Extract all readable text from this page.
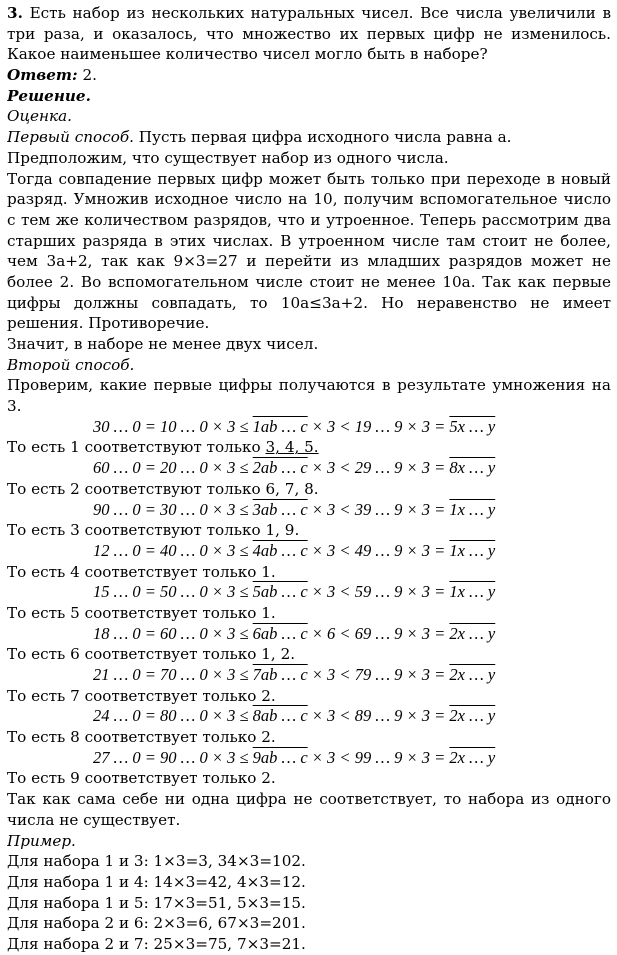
3. Есть набор из нескольких натуральных чисел. Все числа увеличили в
три раза, и оказалось, что множество их первых цифр не изменилось.
Какое наименьшее количество чисел могло быть в наборе?
Ответ: 2.
Решение.
Оценка.
Первый способ. Пусть первая цифра исходного числа равна a.
Предположим, что существует набор из одного числа.
Тогда совпадение первых цифр может быть только при переходе в новый
разряд. Умножив исходное число на 10, получим вспомогательное число
с тем же количеством разрядов, что и утроенное. Теперь рассмотрим два
старших разряда в этих числах. В утроенном числе там стоит не более,
чем 3a+2, так как 9×3=27 и перейти из младших разрядов может не
более 2. Во вспомогательном числе стоит не менее 10a. Так как первые
цифры должны совпадать, то 10a≤3a+2. Но неравенство не имеет
решения. Противоречие.
Значит, в наборе не менее двух чисел.
Второй способ.
Проверим, какие первые цифры получаются в результате умножения на
3.
30 … 0 = 10 … 0 × 3 ≤ 1ab … c × 3 < 19 … 9 × 3 = 5x … y
То есть 1 соответствуют только 3, 4, 5.
60 … 0 = 20 … 0 × 3 ≤ 2ab … c × 3 < 29 … 9 × 3 = 8x … y
То есть 2 соответствуют только 6, 7, 8.
90 … 0 = 30 … 0 × 3 ≤ 3ab … c × 3 < 39 … 9 × 3 = 1x … y
То есть 3 соответствуют только 1, 9.
12 … 0 = 40 … 0 × 3 ≤ 4ab … c × 3 < 49 … 9 × 3 = 1x … y
То есть 4 соответствует только 1.
15 … 0 = 50 … 0 × 3 ≤ 5ab … c × 3 < 59 … 9 × 3 = 1x … y
То есть 5 соответствует только 1.
18 … 0 = 60 … 0 × 3 ≤ 6ab … c × 6 < 69 … 9 × 3 = 2x … y
То есть 6 соответствует только 1, 2.
21 … 0 = 70 … 0 × 3 ≤ 7ab … c × 3 < 79 … 9 × 3 = 2x … y
То есть 7 соответствует только 2.
24 … 0 = 80 … 0 × 3 ≤ 8ab … c × 3 < 89 … 9 × 3 = 2x … y
То есть 8 соответствует только 2.
27 … 0 = 90 … 0 × 3 ≤ 9ab … c × 3 < 99 … 9 × 3 = 2x … y
То есть 9 соответствует только 2.
Так как сама себе ни одна цифра не соответствует, то набора из одного
числа не существует.
Пример.
Для набора 1 и 3: 1×3=3, 34×3=102.
Для набора 1 и 4: 14×3=42, 4×3=12.
Для набора 1 и 5: 17×3=51, 5×3=15.
Для набора 2 и 6: 2×3=6, 67×3=201.
Для набора 2 и 7: 25×3=75, 7×3=21.
